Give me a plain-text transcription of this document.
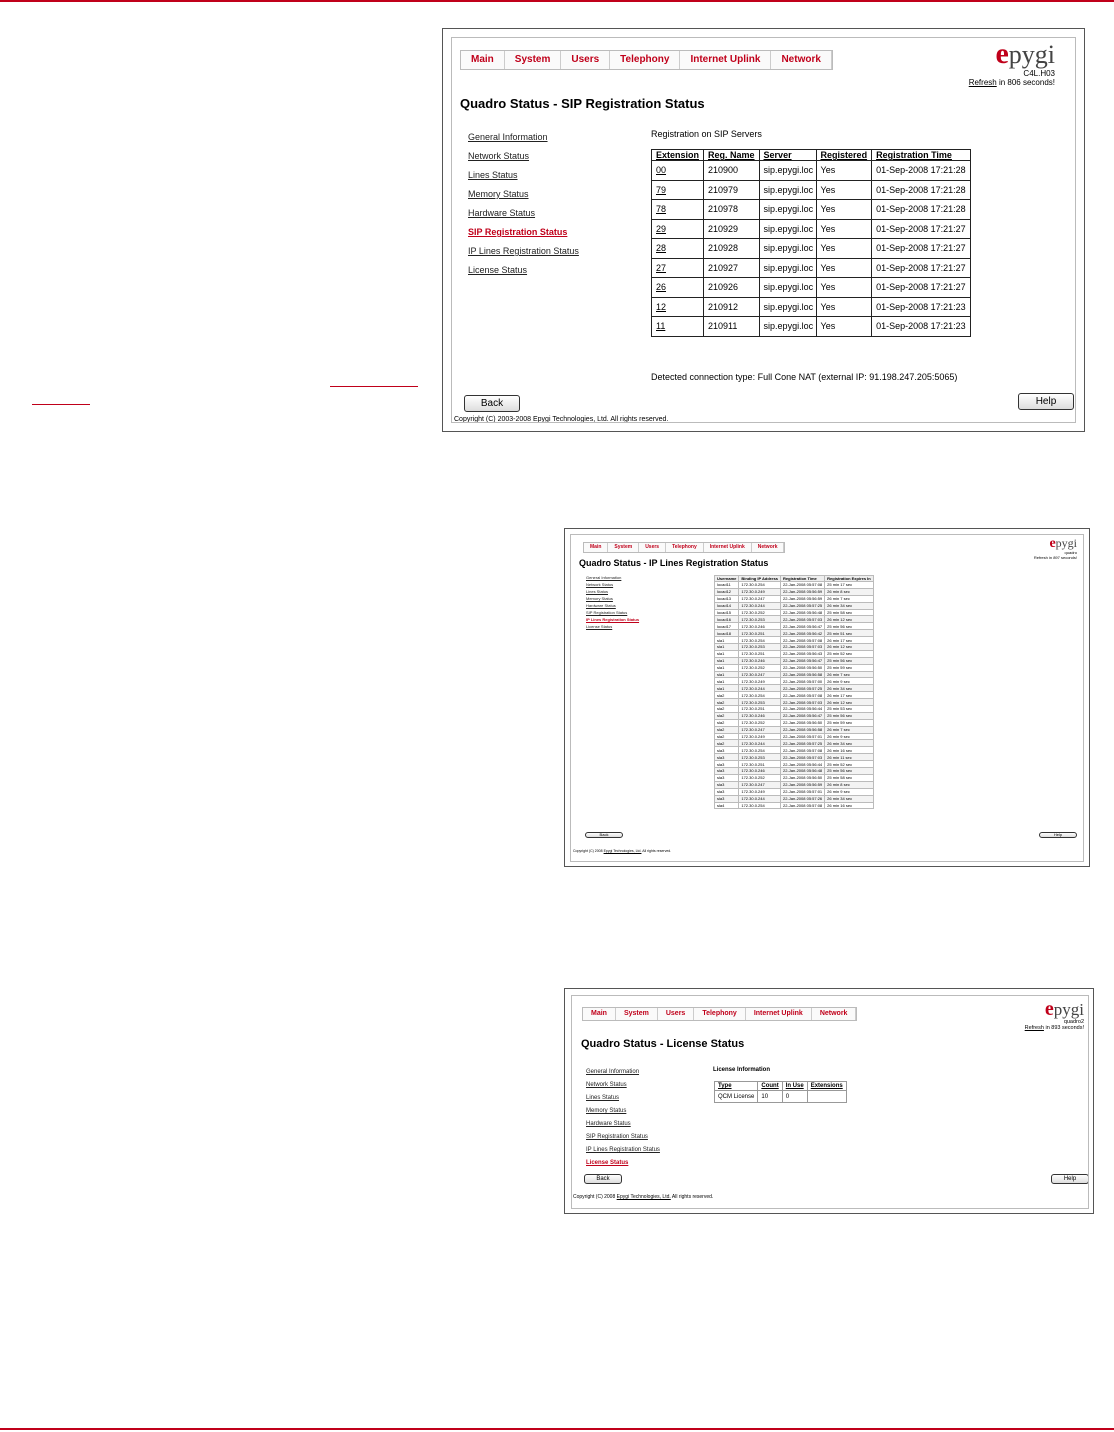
Main	System	Users	Telephony	Internet Uplink	Network	epygi
C4L.H03
Refresh in 806 seconds!
Quadro Status - SIP Registration Status
General Information
Network Status
Lines Status
Memory Status
Hardware Status
SIP Registration Status
IP Lines Registration Status
License Status
Registration on SIP Servers
Extension	Reg. Name	Server	Registered	Registration Time
00	210900	sip.epygi.loc	Yes	01-Sep-2008 17:21:28
79	210979	sip.epygi.loc	Yes	01-Sep-2008 17:21:28
78	210978	sip.epygi.loc	Yes	01-Sep-2008 17:21:28
29	210929	sip.epygi.loc	Yes	01-Sep-2008 17:21:27
28	210928	sip.epygi.loc	Yes	01-Sep-2008 17:21:27
27	210927	sip.epygi.loc	Yes	01-Sep-2008 17:21:27
26	210926	sip.epygi.loc	Yes	01-Sep-2008 17:21:27
12	210912	sip.epygi.loc	Yes	01-Sep-2008 17:21:23
11	210911	sip.epygi.loc	Yes	01-Sep-2008 17:21:23
Detected connection type: Full Cone NAT (external IP: 91.198.247.205:5065)
Back	Help
Copyright (C) 2003-2008 Epygi Technologies, Ltd. All rights reserved.
Main	System	Users	Telephony	Internet Uplink	Network	epygi
quadro
Refresh in 897 seconds!
Quadro Status - IP Lines Registration Status
General Information
Network Status
Lines Status
Memory Status
Hardware Status
SIP Registration Status
IP Lines Registration Status
License Status
Username	Binding IP Address	Registration Time	Registration Expires In
locad11	172.30.0.254	22-Jan-2008 05:57:08	25 min 17 sec
locad12	172.30.0.249	22-Jan-2008 05:56:59	26 min 8 sec
locad13	172.30.0.247	22-Jan-2008 05:56:59	26 min 7 sec
locad14	172.30.0.244	22-Jan-2008 05:57:25	26 min 34 sec
locad15	172.30.0.252	22-Jan-2008 05:56:48	25 min 58 sec
locad16	172.30.0.253	22-Jan-2008 05:57:03	26 min 12 sec
locad17	172.30.0.246	22-Jan-2008 05:56:47	25 min 56 sec
locad18	172.30.0.251	22-Jan-2008 05:56:42	25 min 51 sec
sla1	172.30.0.254	22-Jan-2008 05:57:08	26 min 17 sec
sla1	172.30.0.253	22-Jan-2008 05:57:03	26 min 12 sec
sla1	172.30.0.251	22-Jan-2008 05:56:43	25 min 52 sec
sla1	172.30.0.246	22-Jan-2008 05:56:47	25 min 56 sec
sla1	172.30.0.252	22-Jan-2008 05:56:50	25 min 59 sec
sla1	172.30.0.247	22-Jan-2008 05:56:58	26 min 7 sec
sla1	172.30.0.249	22-Jan-2008 05:57:00	26 min 9 sec
sla1	172.30.0.244	22-Jan-2008 05:57:25	26 min 34 sec
sla2	172.30.0.254	22-Jan-2008 05:57:08	26 min 17 sec
sla2	172.30.0.253	22-Jan-2008 05:57:03	26 min 12 sec
sla2	172.30.0.251	22-Jan-2008 05:56:44	25 min 53 sec
sla2	172.30.0.246	22-Jan-2008 05:56:47	25 min 56 sec
sla2	172.30.0.252	22-Jan-2008 05:56:50	25 min 59 sec
sla2	172.30.0.247	22-Jan-2008 05:56:58	26 min 7 sec
sla2	172.30.0.249	22-Jan-2008 05:57:01	26 min 9 sec
sla2	172.30.0.244	22-Jan-2008 05:57:25	26 min 34 sec
sla3	172.30.0.254	22-Jan-2008 05:57:08	26 min 16 sec
sla3	172.30.0.253	22-Jan-2008 05:57:03	26 min 11 sec
sla3	172.30.0.251	22-Jan-2008 05:56:44	25 min 52 sec
sla3	172.30.0.246	22-Jan-2008 05:56:48	25 min 56 sec
sla3	172.30.0.252	22-Jan-2008 05:56:50	25 min 58 sec
sla3	172.30.0.247	22-Jan-2008 05:56:59	26 min 8 sec
sla3	172.30.0.249	22-Jan-2008 05:57:01	26 min 9 sec
sla3	172.30.0.244	22-Jan-2008 05:57:26	26 min 34 sec
sla4	172.30.0.254	22-Jan-2008 05:57:08	26 min 16 sec
Back	Help
Copyright (C) 2008 Epygi Technologies, Ltd. All rights reserved.
Main	System	Users	Telephony	Internet Uplink	Network	epygi
quadro2
Refresh in 893 seconds!
Quadro Status - License Status
General Information
Network Status
Lines Status
Memory Status
Hardware Status
SIP Registration Status
IP Lines Registration Status
License Status
License Information
Type	Count	In Use	Extensions
QCM License	10	0	
Back	Help
Copyright (C) 2008 Epygi Technologies, Ltd. All rights reserved.
